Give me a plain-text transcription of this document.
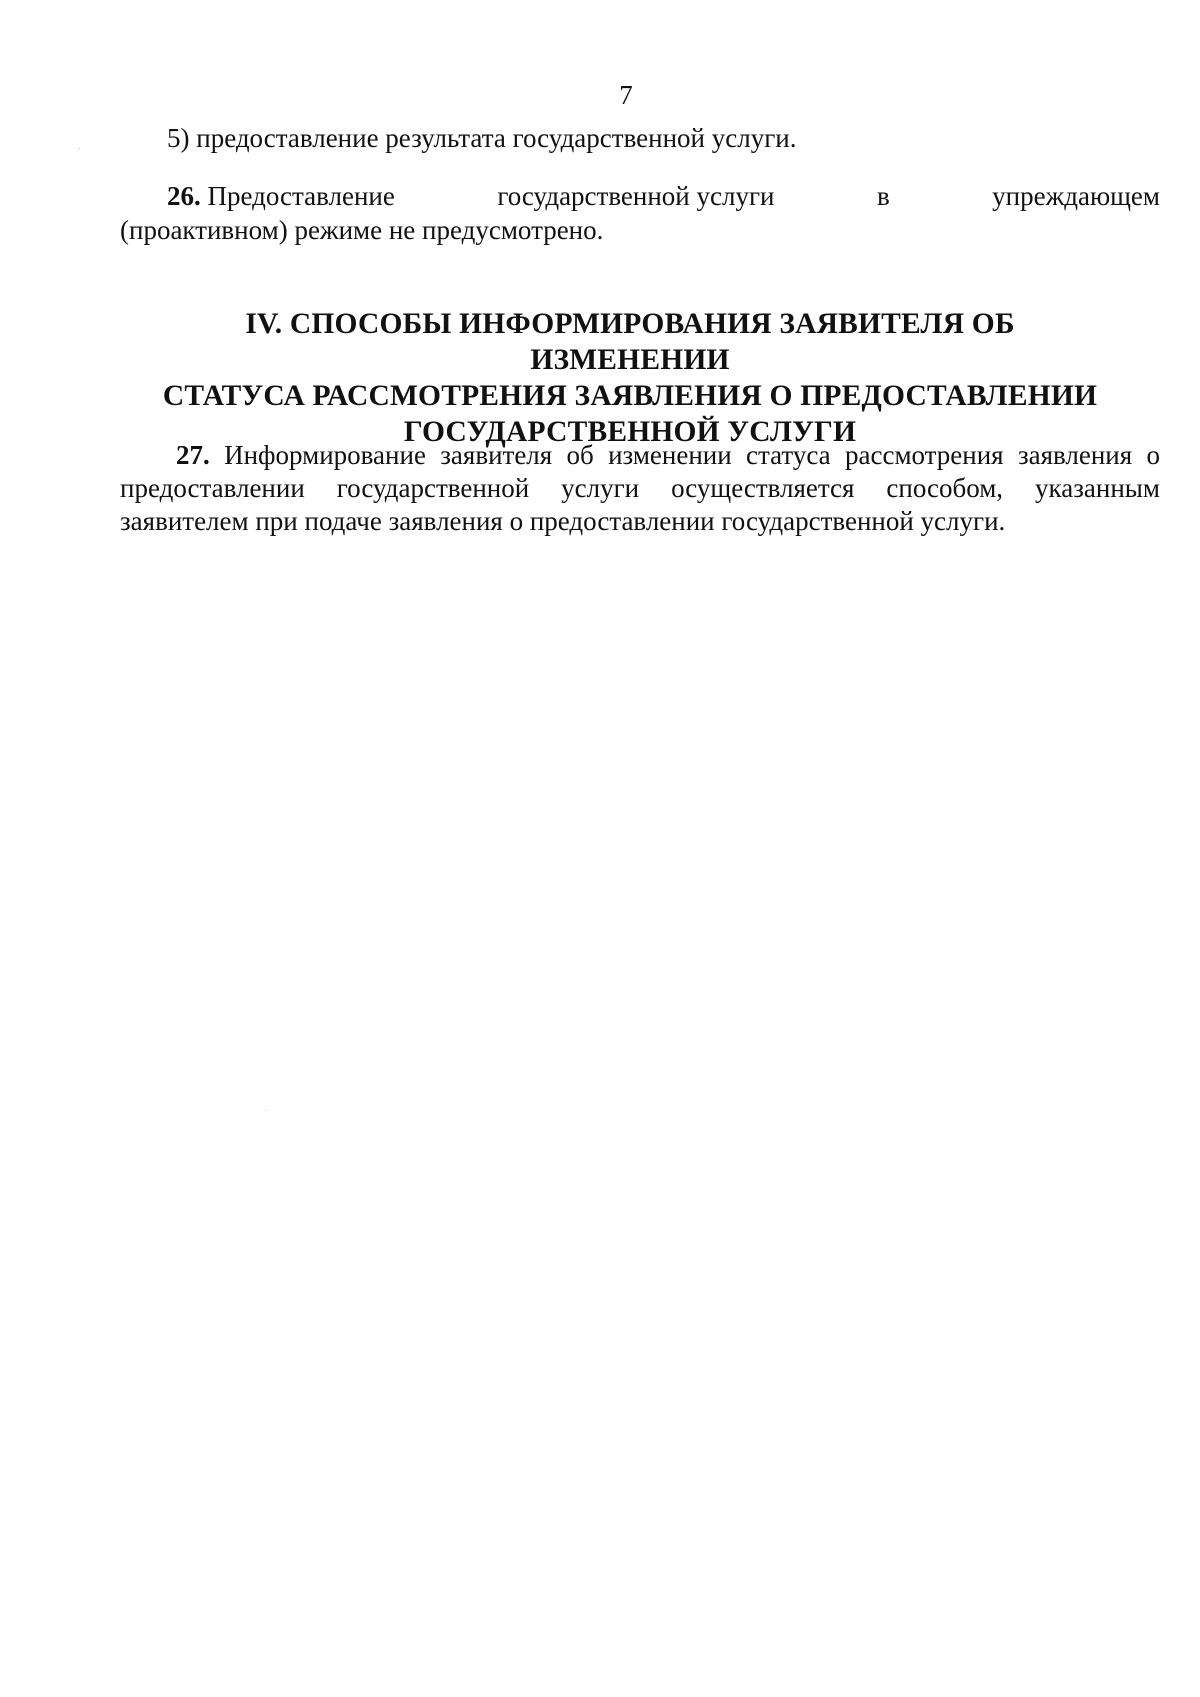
7
5) предоставление результата государственной услуги.
26. Предоставление	государственной услуги	в	упреждающем
(проактивном) режиме не предусмотрено.
IV. СПОСОБЫ ИНФОРМИРОВАНИЯ ЗАЯВИТЕЛЯ ОБ ИЗМЕНЕНИИ
СТАТУСА РАССМОТРЕНИЯ ЗАЯВЛЕНИЯ О ПРЕДОСТАВЛЕНИИ
ГОСУДАРСТВЕННОЙ УСЛУГИ
27. Информирование заявителя об изменении статуса рассмотрения заявления о предоставлении государственной услуги осуществляется способом, указанным заявителем при подаче заявления о предоставлении государственной услуги.
